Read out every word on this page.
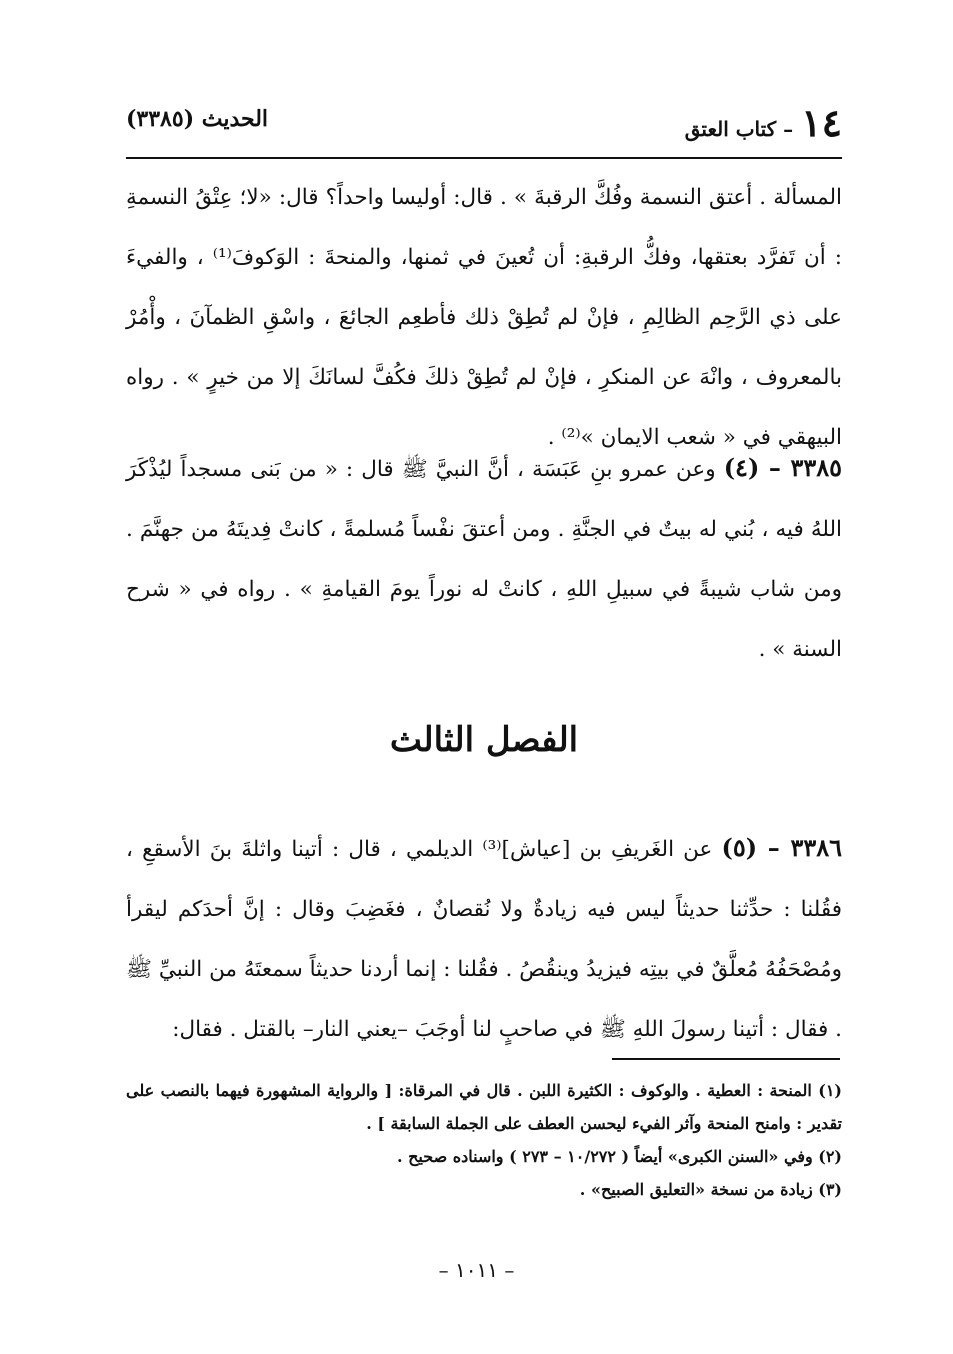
١٤
– كتاب العتق
الحديث (٣٣٨٥)
المسألة . أعتق النسمة وفُكَّ الرقبةَ » . قال: أوليسا واحداً؟ قال: «لا؛ عِتْقُ النسمةِ : أن تَفرَّد بعتقها، وفكُّ الرقبةِ: أن تُعينَ في ثمنها، والمنحةَ : الوَكوفَ⁽¹⁾ ، والفيءَ على ذي الرَّحِم الظالِمِ ، فإنْ لم تُطِقْ ذلك فأطعِم الجائعَ ، واسْقِ الظمآنَ ، وأْمُرْ بالمعروف ، وانْهَ عن المنكرِ ، فإنْ لم تُطِقْ ذلكَ فكُفَّ لسانَكَ إلا من خيرٍ » . رواه البيهقي في « شعب الايمان »⁽²⁾ .
٣٣٨٥ – (٤) وعن عمرو بنِ عَبَسَة ، أنَّ النبيَّ ﷺ قال : « من بَنى مسجداً ليُذْكَرَ اللهُ فيه ، بُني له بيتٌ في الجنَّةِ . ومن أعتقَ نفْساً مُسلمةً ، كانتْ فِديتَهُ من جهنَّمَ . ومن شاب شيبةً في سبيلِ اللهِ ، كانتْ له نوراً يومَ القيامةِ » . رواه في « شرح السنة » .
الفصل الثالث
٣٣٨٦ – (٥) عن الغَريفِ بن [عياش]⁽³⁾ الديلمي ، قال : أتينا واثلةَ بنَ الأسقعِ ، فقُلنا : حدِّثنا حديثاً ليس فيه زيادةٌ ولا نُقصانٌ ، فغَضِبَ وقال : إنَّ أحدَكم ليقرأ ومُصْحَفُهُ مُعلَّقٌ في بيتِه فيزيدُ وينقُصُ . فقُلنا : إنما أردنا حديثاً سمعتَهُ من النبيِّ ﷺ . فقال : أتينا رسولَ اللهِ ﷺ في صاحبٍ لنا أوجَبَ –يعني النار– بالقتل . فقال:
(١) المنحة : العطية . والوكوف : الكثيرة اللبن . قال في المرقاة: [ والرواية المشهورة فيهما بالنصب على تقدير : وامنح المنحة وآثر الفيء ليحسن العطف على الجملة السابقة ] .
(٢) وفي «السنن الكبرى» أيضاً ( ١٠/٢٧٢ – ٢٧٣ ) واسناده صحيح .
(٣) زيادة من نسخة «التعليق الصبيح» .
– ١٠١١ –
